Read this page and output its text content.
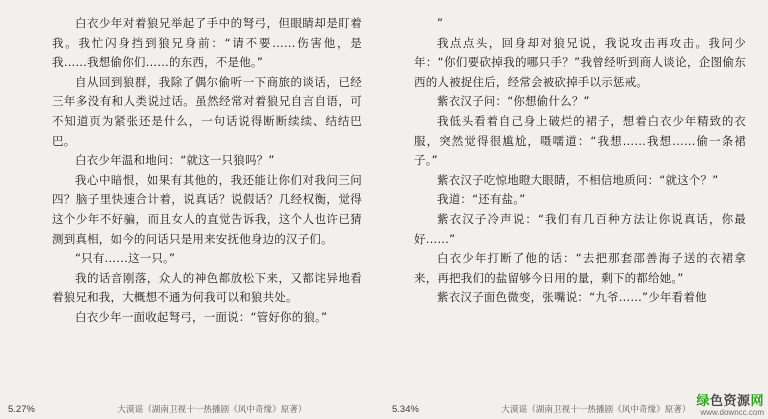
白衣少年对着狼兄举起了手中的弩弓，但眼睛却是盯着我。我忙闪身挡到狼兄身前：“请不要……伤害他，是我……我想偷你们……的东西，不是他。”

自从回到狼群，我除了偶尔偷听一下商旅的谈话，已经三年多没有和人类说过话。虽然经常对着狼兄自言自语，可不知道页为紧张还是什么，一句话说得断断续续、结结巴巴。

白衣少年温和地问：“就这一只狼吗？”

我心中暗恨，如果有其他的，我还能让你们对我问三问四？脑子里快速合计着，说真话？说假话？几经权衡，觉得这个少年不好骗，而且女人的直觉告诉我，这个人也许已猜测到真相，如今的问话只是用来安抚他身边的汉子们。

“只有……这一只。”

我的话音刚落，众人的神色都放松下来，又都诧异地看着狼兄和我，大概想不通为何我可以和狼共处。

白衣少年一面收起弩弓，一面说：“管好你的狼。”

5.27%	大漠谣（湖南卫视十一热播剧《风中奇缘》原著）
”

我点点头，回身却对狼兄说，我说攻击再攻击。我问少年：“你们要砍掉我的哪只手？”我曾经听到商人谈论，企图偷东西的人被捉住后，经常会被砍掉手以示惩戒。

紫衣汉子问：“你想偷什么？”

我低头看着自己身上破烂的裙子，想着白衣少年精致的衣服，突然觉得很尴尬，嗫嚅道：“我想……我想……偷一条裙子。”

紫衣汉子吃惊地瞪大眼睛，不相信地质问：“就这个？”

我道：“还有盐。”

紫衣汉子冷声说：“我们有几百种方法让你说真话，你最好……”

白衣少年打断了他的话：“去把那套邵善海子送的衣裙拿来，再把我们的盐留够今日用的量，剩下的都给她。”

紫衣汉子面色微变，张嘴说：“九爷……”少年看着他

5.34%	大漠谣（湖南卫视十一热播剧《风中奇缘》原著）
绿色资源网
www.downcc.com
